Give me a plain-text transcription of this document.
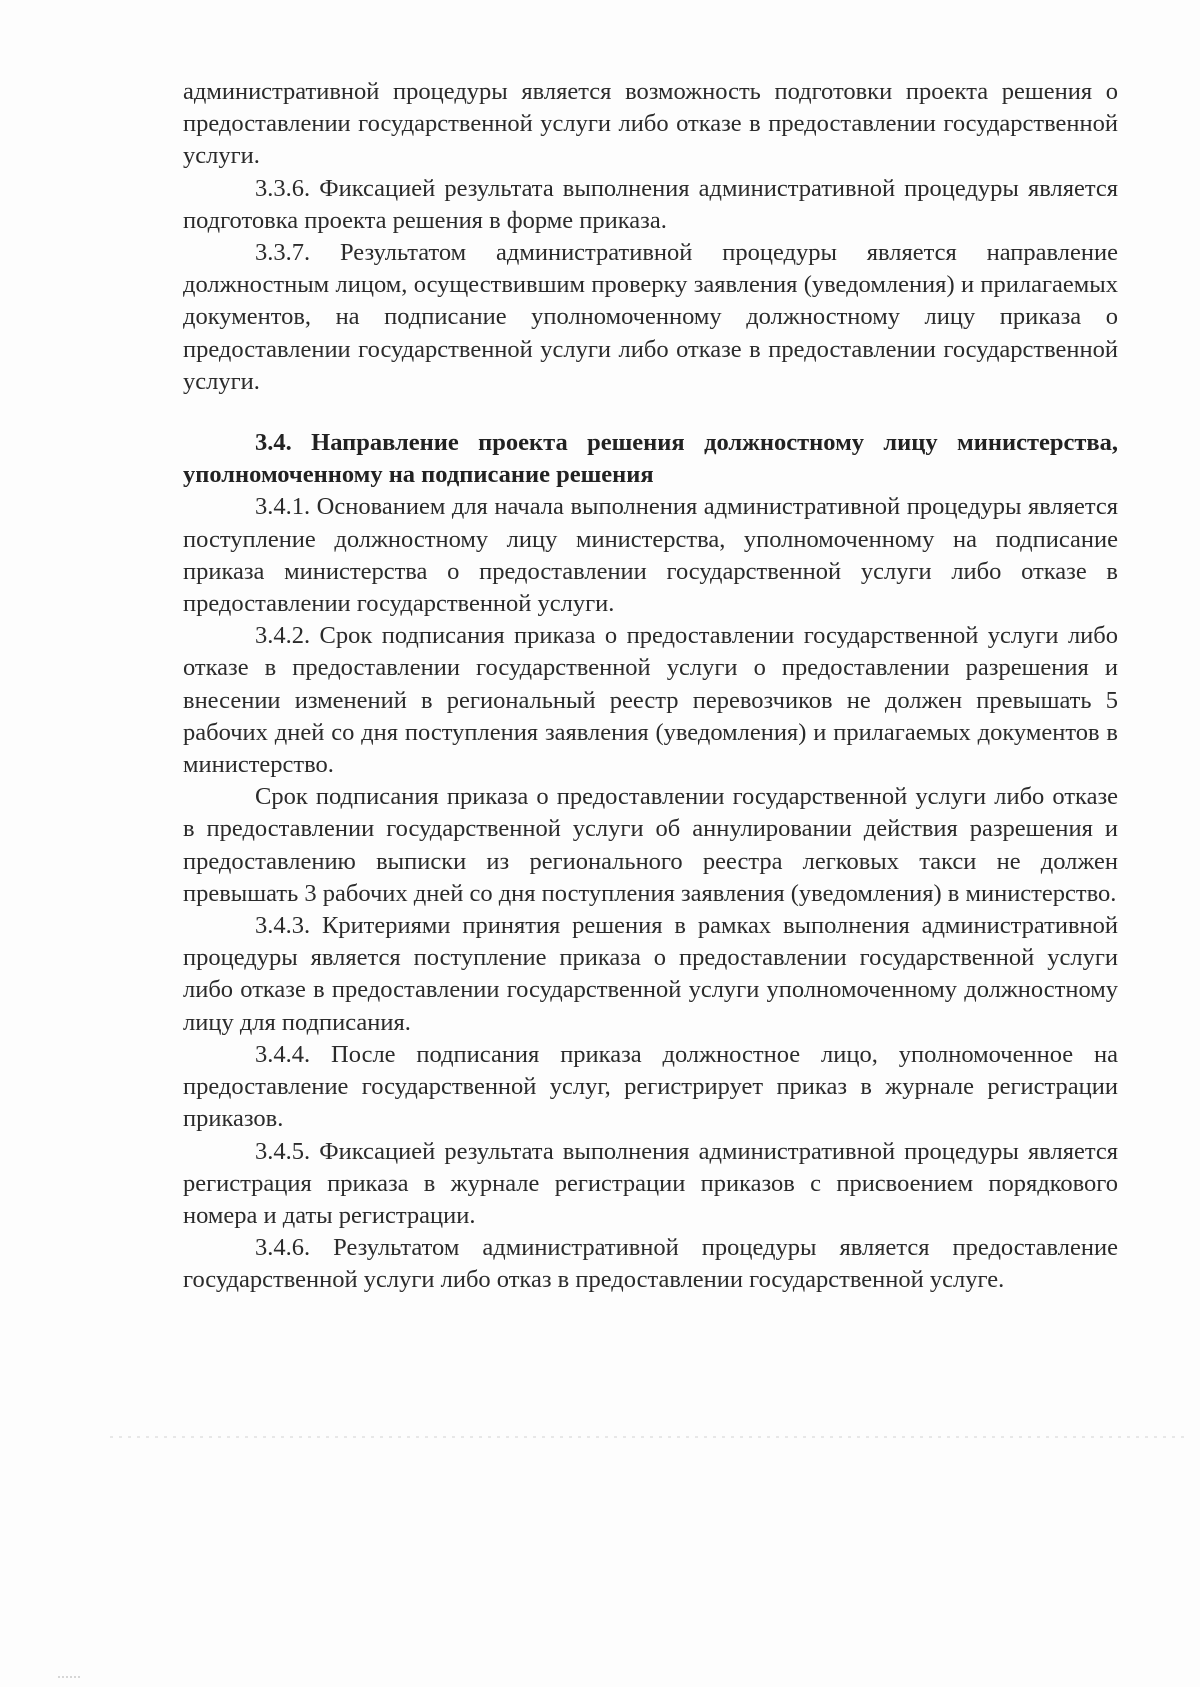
административной процедуры является возможность подготовки проекта решения о предоставлении государственной услуги либо отказе в предоставлении государственной услуги.

3.3.6. Фиксацией результата выполнения административной процедуры является подготовка проекта решения в форме приказа.

3.3.7. Результатом административной процедуры является направление должностным лицом, осуществившим проверку заявления (уведомления) и прилагаемых документов, на подписание уполномоченному должностному лицу приказа о предоставлении государственной услуги либо отказе в предоставлении государственной услуги.

3.4. Направление проекта решения должностному лицу министерства, уполномоченному на подписание решения

3.4.1. Основанием для начала выполнения административной процедуры является поступление должностному лицу министерства, уполномоченному на подписание приказа министерства о предоставлении государственной услуги либо отказе в предоставлении государственной услуги.

3.4.2. Срок подписания приказа о предоставлении государственной услуги либо отказе в предоставлении государственной услуги о предоставлении разрешения и внесении изменений в региональный реестр перевозчиков не должен превышать 5 рабочих дней со дня поступления заявления (уведомления) и прилагаемых документов в министерство.

Срок подписания приказа о предоставлении государственной услуги либо отказе в предоставлении государственной услуги об аннулировании действия разрешения и предоставлению выписки из регионального реестра легковых такси не должен превышать 3 рабочих дней со дня поступления заявления (уведомления) в министерство.

3.4.3. Критериями принятия решения в рамках выполнения административной процедуры является поступление приказа о предоставлении государственной услуги либо отказе в предоставлении государственной услуги уполномоченному должностному лицу для подписания.

3.4.4. После подписания приказа должностное лицо, уполномоченное на предоставление государственной услуг, регистрирует приказ в журнале регистрации приказов.

3.4.5. Фиксацией результата выполнения административной процедуры является регистрация приказа в журнале регистрации приказов с присвоением порядкового номера и даты регистрации.

3.4.6. Результатом административной процедуры является предоставление государственной услуги либо отказ в предоставлении государственной услуге.
